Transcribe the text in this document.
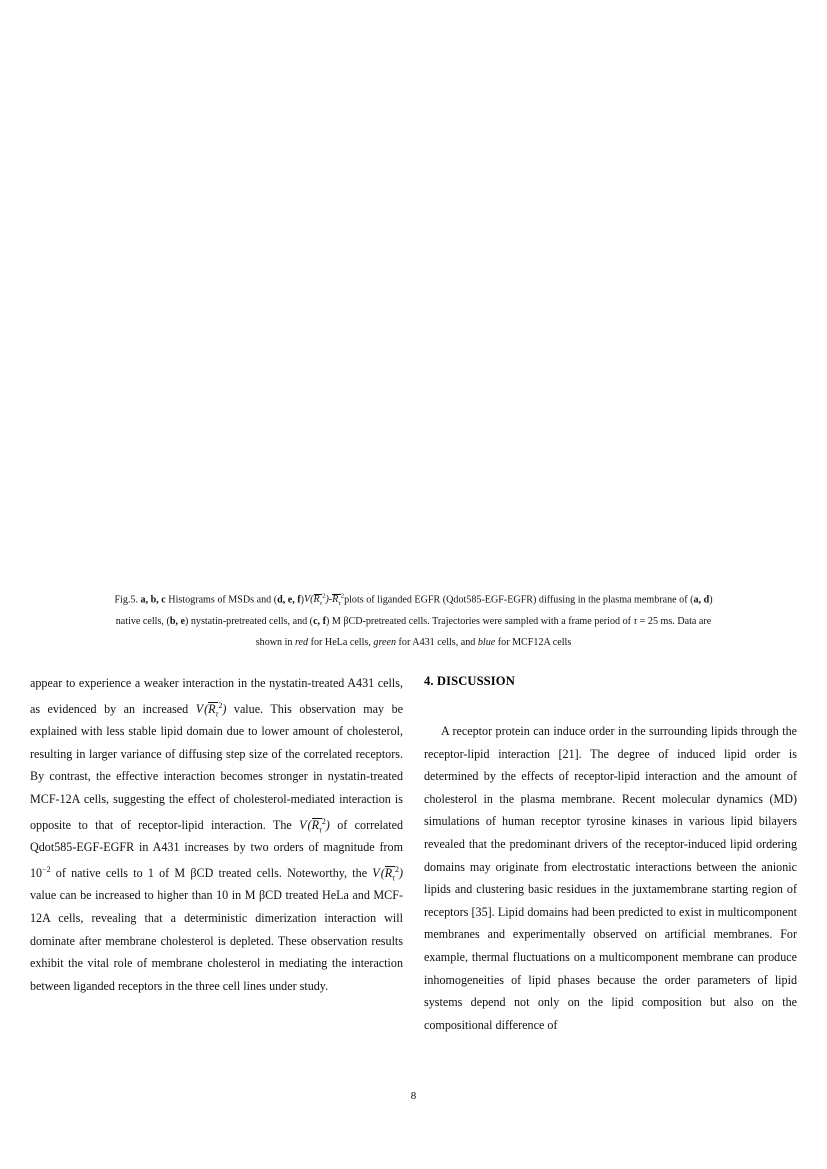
Fig.5. a, b, c Histograms of MSDs and (d, e, $f)V(R_\tau^2)-R_\tau^2plots$ of liganded EGFR (Qdot585-EGF-EGFR) diffusing in the plasma membrane of (a, d)
native cells, (b, e) nystatin-pretreated cells, and (c, f) M βCD-pretreated cells. Trajectories were sampled with a frame period of τ = 25 ms. Data are
shown in red for HeLa cells, green for A431 cells, and blue for MCF12A cells

appear to experience a weaker interaction in the nystatin-treated A431 cells, as evidenced by an increased V $(R_\tau^2)$ value. This observation may be explained with less stable lipid domain due to lower amount of cholesterol, resulting in larger variance of diffusing step size of the correlated receptors. By contrast, the effective interaction becomes stronger in nystatin-treated MCF-12A cells, suggesting the effect of cholesterol-mediated interaction is opposite to that of receptor-lipid interaction. The V $(R_\tau^2)$ of correlated Qdot585-EGF-EGFR in A431 increases by two orders of magnitude from $10^{-2}$ of native cells to 1 of M βCD treated cells. Noteworthy, the V $(R_\tau^2)$ value can be increased to higher than 10 in M βCD treated HeLa and MCF-12A cells, revealing that a deterministic dimerization interaction will dominate after membrane cholesterol is depleted. These observation results exhibit the vital role of membrane cholesterol in mediating the interaction between liganded receptors in the three cell lines under study.

4. DISCUSSION

A receptor protein can induce order in the surrounding lipids through the receptor-lipid interaction [21]. The degree of induced lipid order is determined by the effects of receptor-lipid interaction and the amount of cholesterol in the plasma membrane. Recent molecular dynamics (MD) simulations of human receptor tyrosine kinases in various lipid bilayers revealed that the predominant drivers of the receptor-induced lipid ordering domains may originate from electrostatic interactions between the anionic lipids and clustering basic residues in the juxtamembrane starting region of receptors [35]. Lipid domains had been predicted to exist in multicomponent membranes and experimentally observed on artificial membranes. For example, thermal fluctuations on a multicomponent membrane can produce inhomogeneities of lipid phases because the order parameters of lipid systems depend not only on the lipid composition but also on the compositional difference of

8
